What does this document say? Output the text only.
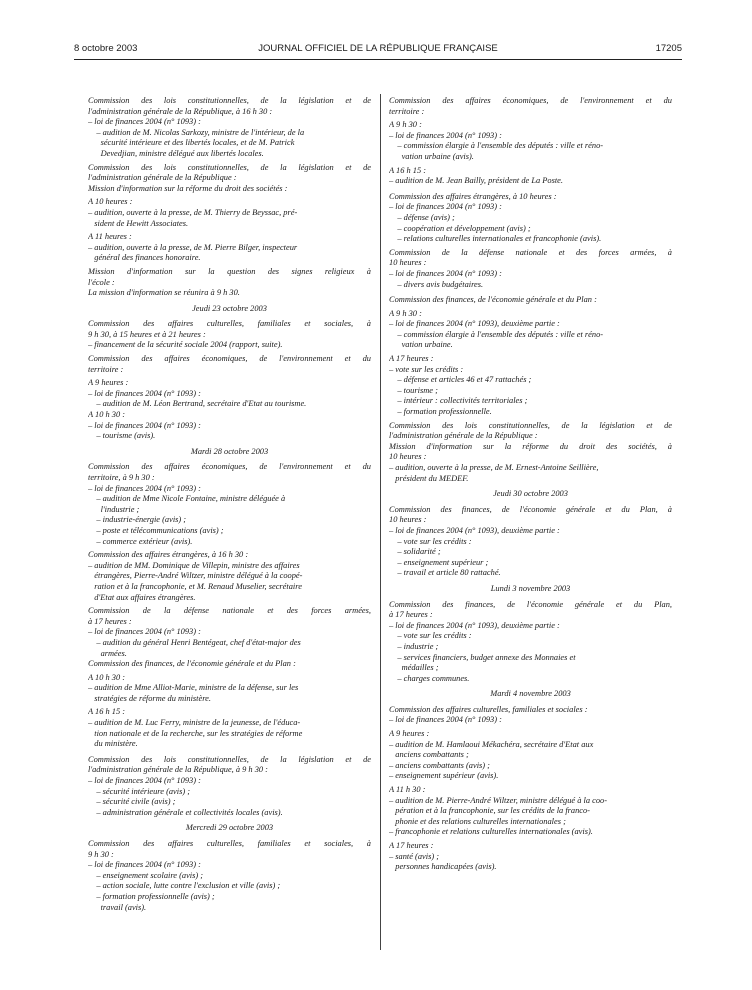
8 octobre 2003	JOURNAL OFFICIEL DE LA RÉPUBLIQUE FRANÇAISE	17205
Commission des lois constitutionnelles, de la législation et de
l'administration générale de la République, à 16 h 30 :
– loi de finances 2004 (n° 1093) :
– audition de M. Nicolas Sarkozy, ministre de l'intérieur, de la
sécurité intérieure et des libertés locales, et de M. Patrick
Devedjian, ministre délégué aux libertés locales.
Commission des lois constitutionnelles, de la législation et de
l'administration générale de la République :
Mission d'information sur la réforme du droit des sociétés :
A 10 heures :
– audition, ouverte à la presse, de M. Thierry de Beyssac, pré-
sident de Hewitt Associates.
A 11 heures :
– audition, ouverte à la presse, de M. Pierre Bilger, inspecteur
général des finances honoraire.
Mission d'information sur la question des signes religieux à
l'école :
La mission d'information se réunira à 9 h 30.
Jeudi 23 octobre 2003
Commission des affaires culturelles, familiales et sociales, à
9 h 30, à 15 heures et à 21 heures :
– financement de la sécurité sociale 2004 (rapport, suite).
Commission des affaires économiques, de l'environnement et du
territoire :
A 9 heures :
– loi de finances 2004 (n° 1093) :
– audition de M. Léon Bertrand, secrétaire d'Etat au tourisme.
A 10 h 30 :
– loi de finances 2004 (n° 1093) :
– tourisme (avis).
Mardi 28 octobre 2003
Commission des affaires économiques, de l'environnement et du
territoire, à 9 h 30 :
– loi de finances 2004 (n° 1093) :
– audition de Mme Nicole Fontaine, ministre déléguée à
l'industrie ;
– industrie-énergie (avis) ;
– poste et télécommunications (avis) ;
– commerce extérieur (avis).
Commission des affaires étrangères, à 16 h 30 :
– audition de MM. Dominique de Villepin, ministre des affaires
étrangères, Pierre-André Wiltzer, ministre délégué à la coopé-
ration et à la francophonie, et M. Renaud Muselier, secrétaire
d'Etat aux affaires étrangères.
Commission de la défense nationale et des forces armées,
à 17 heures :
– loi de finances 2004 (n° 1093) :
– audition du général Henri Bentégeat, chef d'état-major des
armées.
Commission des finances, de l'économie générale et du Plan :
A 10 h 30 :
– audition de Mme Alliot-Marie, ministre de la défense, sur les
stratégies de réforme du ministère.
A 16 h 15 :
– audition de M. Luc Ferry, ministre de la jeunesse, de l'éduca-
tion nationale et de la recherche, sur les stratégies de réforme
du ministère.
Commission des lois constitutionnelles, de la législation et de
l'administration générale de la République, à 9 h 30 :
– loi de finances 2004 (n° 1093) :
– sécurité intérieure (avis) ;
– sécurité civile (avis) ;
– administration générale et collectivités locales (avis).
Mercredi 29 octobre 2003
Commission des affaires culturelles, familiales et sociales, à
9 h 30 :
– loi de finances 2004 (n° 1093) :
– enseignement scolaire (avis) ;
– action sociale, lutte contre l'exclusion et ville (avis) ;
– formation professionnelle (avis) ;
travail (avis).
Commission des affaires économiques, de l'environnement et du
territoire :
A 9 h 30 :
– loi de finances 2004 (n° 1093) :
– commission élargie à l'ensemble des députés : ville et réno-
vation urbaine (avis).
A 16 h 15 :
– audition de M. Jean Bailly, président de La Poste.
Commission des affaires étrangères, à 10 heures :
– loi de finances 2004 (n° 1093) :
– défense (avis) ;
– coopération et développement (avis) ;
– relations culturelles internationales et francophonie (avis).
Commission de la défense nationale et des forces armées, à
10 heures :
– loi de finances 2004 (n° 1093) :
– divers avis budgétaires.
Commission des finances, de l'économie générale et du Plan :
A 9 h 30 :
– loi de finances 2004 (n° 1093), deuxième partie :
– commission élargie à l'ensemble des députés : ville et réno-
vation urbaine.
A 17 heures :
– vote sur les crédits :
– défense et articles 46 et 47 rattachés ;
– tourisme ;
– intérieur : collectivités territoriales ;
– formation professionnelle.
Commission des lois constitutionnelles, de la législation et de
l'administration générale de la République :
Mission d'information sur la réforme du droit des sociétés, à
10 heures :
– audition, ouverte à la presse, de M. Ernest-Antoine Seillière,
président du MEDEF.
Jeudi 30 octobre 2003
Commission des finances, de l'économie générale et du Plan, à
10 heures :
– loi de finances 2004 (n° 1093), deuxième partie :
– vote sur les crédits :
– solidarité ;
– enseignement supérieur ;
– travail et article 80 rattaché.
Lundi 3 novembre 2003
Commission des finances, de l'économie générale et du Plan,
à 17 heures :
– loi de finances 2004 (n° 1093), deuxième partie :
– vote sur les crédits :
– industrie ;
– services financiers, budget annexe des Monnaies et
médailles ;
– charges communes.
Mardi 4 novembre 2003
Commission des affaires culturelles, familiales et sociales :
– loi de finances 2004 (n° 1093) :
A 9 heures :
– audition de M. Hamlaoui Mékachéra, secrétaire d'Etat aux
anciens combattants ;
– anciens combattants (avis) ;
– enseignement supérieur (avis).
A 11 h 30 :
– audition de M. Pierre-André Wiltzer, ministre délégué à la coo-
pération et à la francophonie, sur les crédits de la franco-
phonie et des relations culturelles internationales ;
– francophonie et relations culturelles internationales (avis).
A 17 heures :
– santé (avis) ;
personnes handicapées (avis).
